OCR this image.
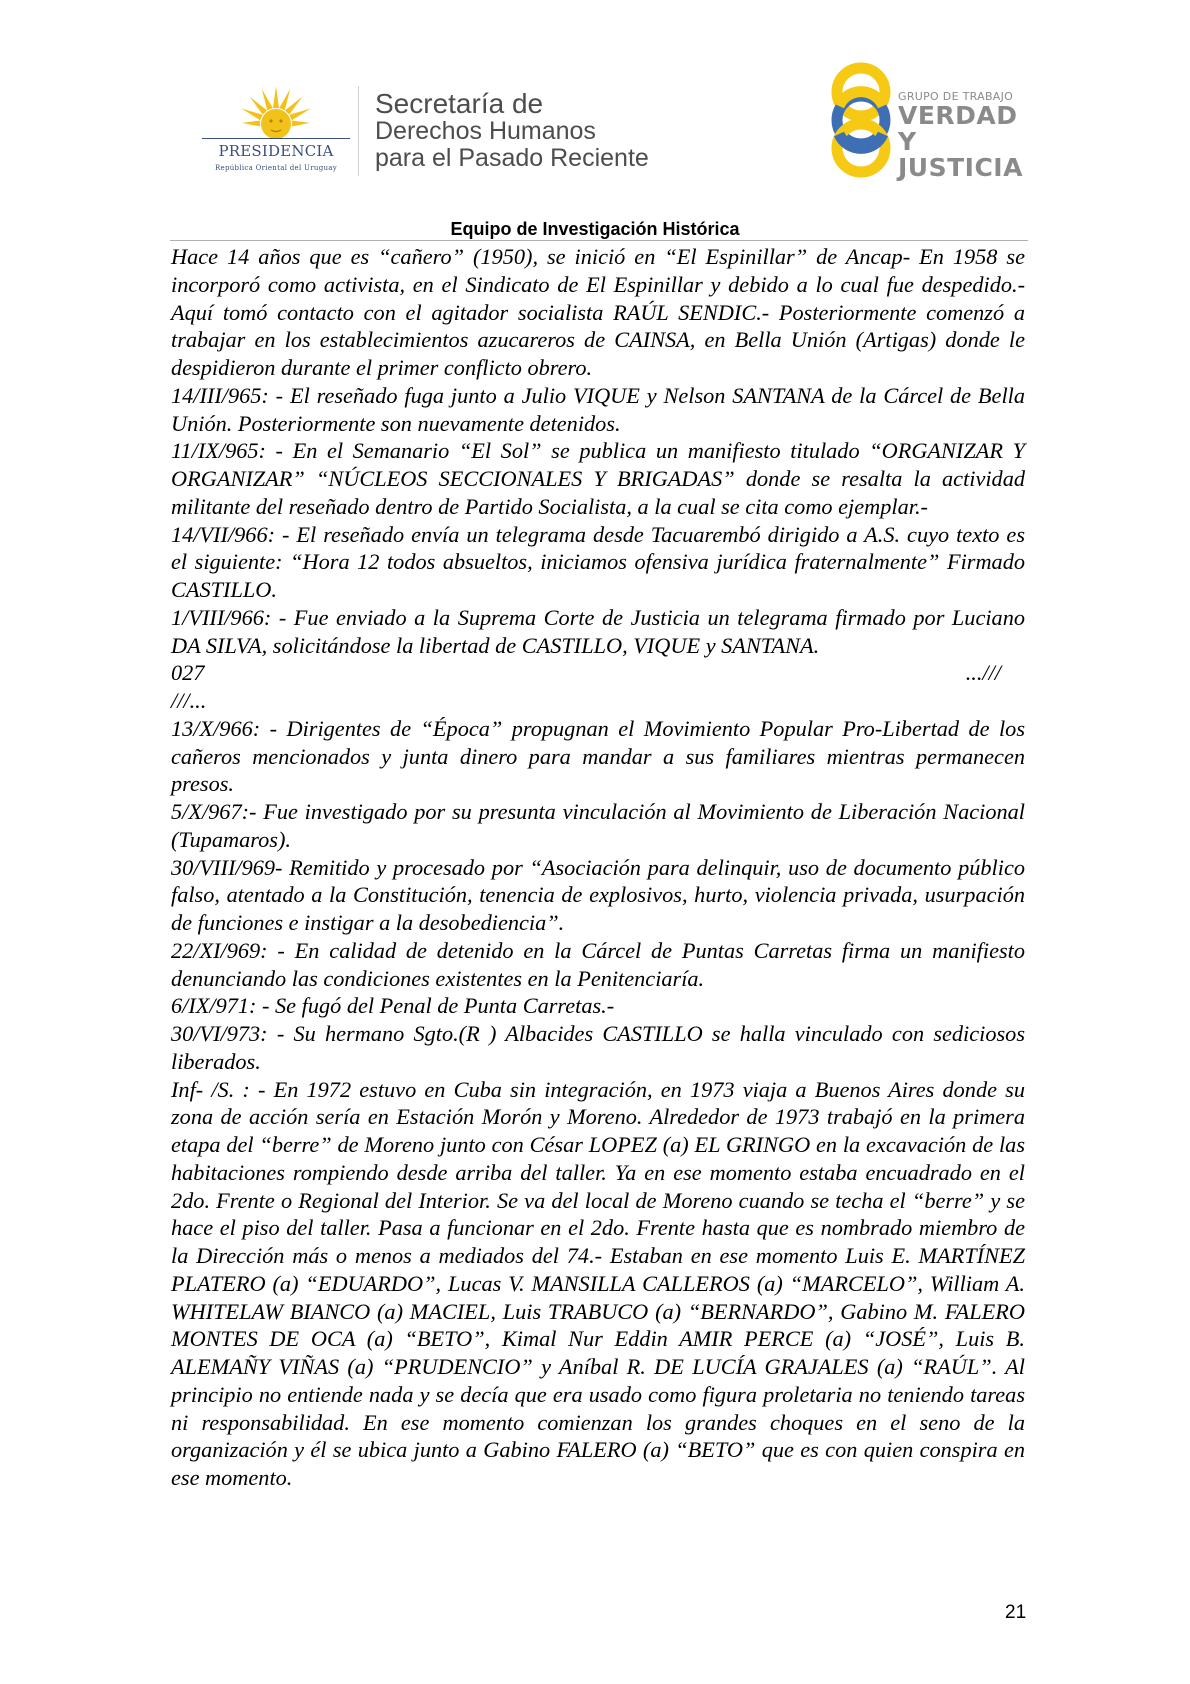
PRESIDENCIA
República Oriental del Uruguay
Secretaría de
Derechos Humanos
para el Pasado Reciente
GRUPO DE TRABAJO
VERDAD Y
JUSTICIA
Equipo de Investigación Histórica

Hace 14 años que es “cañero” (1950), se inició en “El Espinillar” de Ancap- En 1958 se incorporó como activista, en el Sindicato de El Espinillar y debido a lo cual fue despedido.- Aquí tomó contacto con el agitador socialista RAÚL SENDIC.- Posteriormente comenzó a trabajar en los establecimientos azucareros de CAINSA, en Bella Unión (Artigas) donde le despidieron durante el primer conflicto obrero.

14/III/965: - El reseñado fuga junto a Julio VIQUE y Nelson SANTANA de la Cárcel de Bella Unión. Posteriormente son nuevamente detenidos.

11/IX/965: - En el Semanario “El Sol” se publica un manifiesto titulado “ORGANIZAR Y ORGANIZAR” “NÚCLEOS SECCIONALES Y BRIGADAS” donde se resalta la actividad militante del reseñado dentro de Partido Socialista, a la cual se cita como ejemplar.-

14/VII/966: - El reseñado envía un telegrama desde Tacuarembó dirigido a A.S. cuyo texto es el siguiente: “Hora 12 todos absueltos, iniciamos ofensiva jurídica fraternalmente” Firmado CASTILLO.

1/VIII/966: - Fue enviado a la Suprema Corte de Justicia un telegrama firmado por Luciano DA SILVA, solicitándose la libertad de CASTILLO, VIQUE y SANTANA.

027	...///
///...

13/X/966: - Dirigentes de “Época” propugnan el Movimiento Popular Pro-Libertad de los cañeros mencionados y junta dinero para mandar a sus familiares mientras permanecen presos.

5/X/967:- Fue investigado por su presunta vinculación al Movimiento de Liberación Nacional (Tupamaros).

30/VIII/969- Remitido y procesado por “Asociación para delinquir, uso de documento público falso, atentado a la Constitución, tenencia de explosivos, hurto, violencia privada, usurpación de funciones e instigar a la desobediencia”.

22/XI/969: - En calidad de detenido en la Cárcel de Puntas Carretas firma un manifiesto denunciando las condiciones existentes en la Penitenciaría.

6/IX/971: - Se fugó del Penal de Punta Carretas.-

30/VI/973: - Su hermano Sgto.(R ) Albacides CASTILLO se halla vinculado con sediciosos liberados.

Inf- /S. : - En 1972 estuvo en Cuba sin integración, en 1973 viaja a Buenos Aires donde su zona de acción sería en Estación Morón y Moreno. Alrededor de 1973 trabajó en la primera etapa del “berre” de Moreno junto con César LOPEZ (a) EL GRINGO en la excavación de las habitaciones rompiendo desde arriba del taller. Ya en ese momento estaba encuadrado en el 2do. Frente o Regional del Interior. Se va del local de Moreno cuando se techa el “berre” y se hace el piso del taller. Pasa a funcionar en el 2do. Frente hasta que es nombrado miembro de la Dirección más o menos a mediados del 74.- Estaban en ese momento Luis E. MARTÍNEZ PLATERO (a) “EDUARDO”, Lucas V. MANSILLA CALLEROS (a) “MARCELO”, William A. WHITELAW BIANCO (a) MACIEL, Luis TRABUCO (a) “BERNARDO”, Gabino M. FALERO MONTES DE OCA (a) “BETO”, Kimal Nur Eddin AMIR PERCE (a) “JOSÉ”, Luis B. ALEMAÑY VIÑAS (a) “PRUDENCIO” y Aníbal R. DE LUCÍA GRAJALES (a) “RAÚL”. Al principio no entiende nada y se decía que era usado como figura proletaria no teniendo tareas ni responsabilidad. En ese momento comienzan los grandes choques en el seno de la organización y él se ubica junto a Gabino FALERO (a) “BETO” que es con quien conspira en ese momento.

21
